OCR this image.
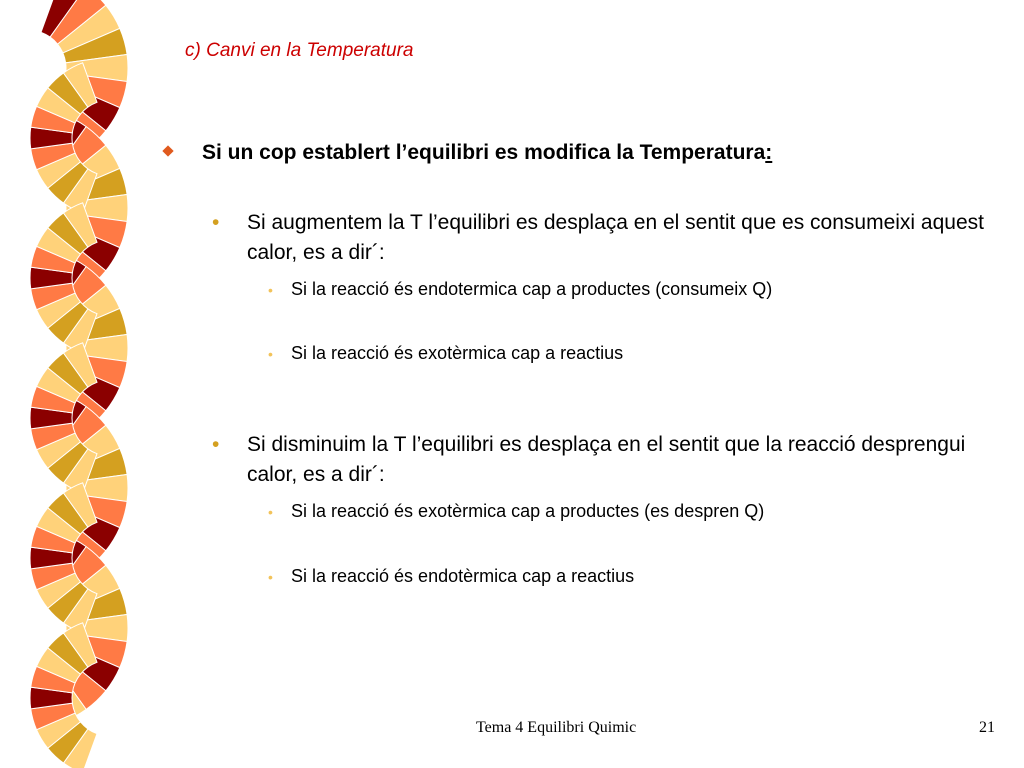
c) Canvi en la Temperatura
Si un cop establert l’equilibri es modifica la Temperatura:
• Si augmentem la T l’equilibri es desplaça en el sentit que es consumeixi aquest calor, es a dir´:
• Si la reacció és endotermica cap a productes (consumeix Q)
• Si la reacció és exotèrmica cap a reactius
• Si disminuim la T l’equilibri es desplaça en el sentit que la reacció desprengui calor, es a dir´:
• Si la reacció és exotèrmica cap a productes (es despren Q)
• Si la reacció és endotèrmica cap a reactius
Tema 4 Equilibri Quimic	21
